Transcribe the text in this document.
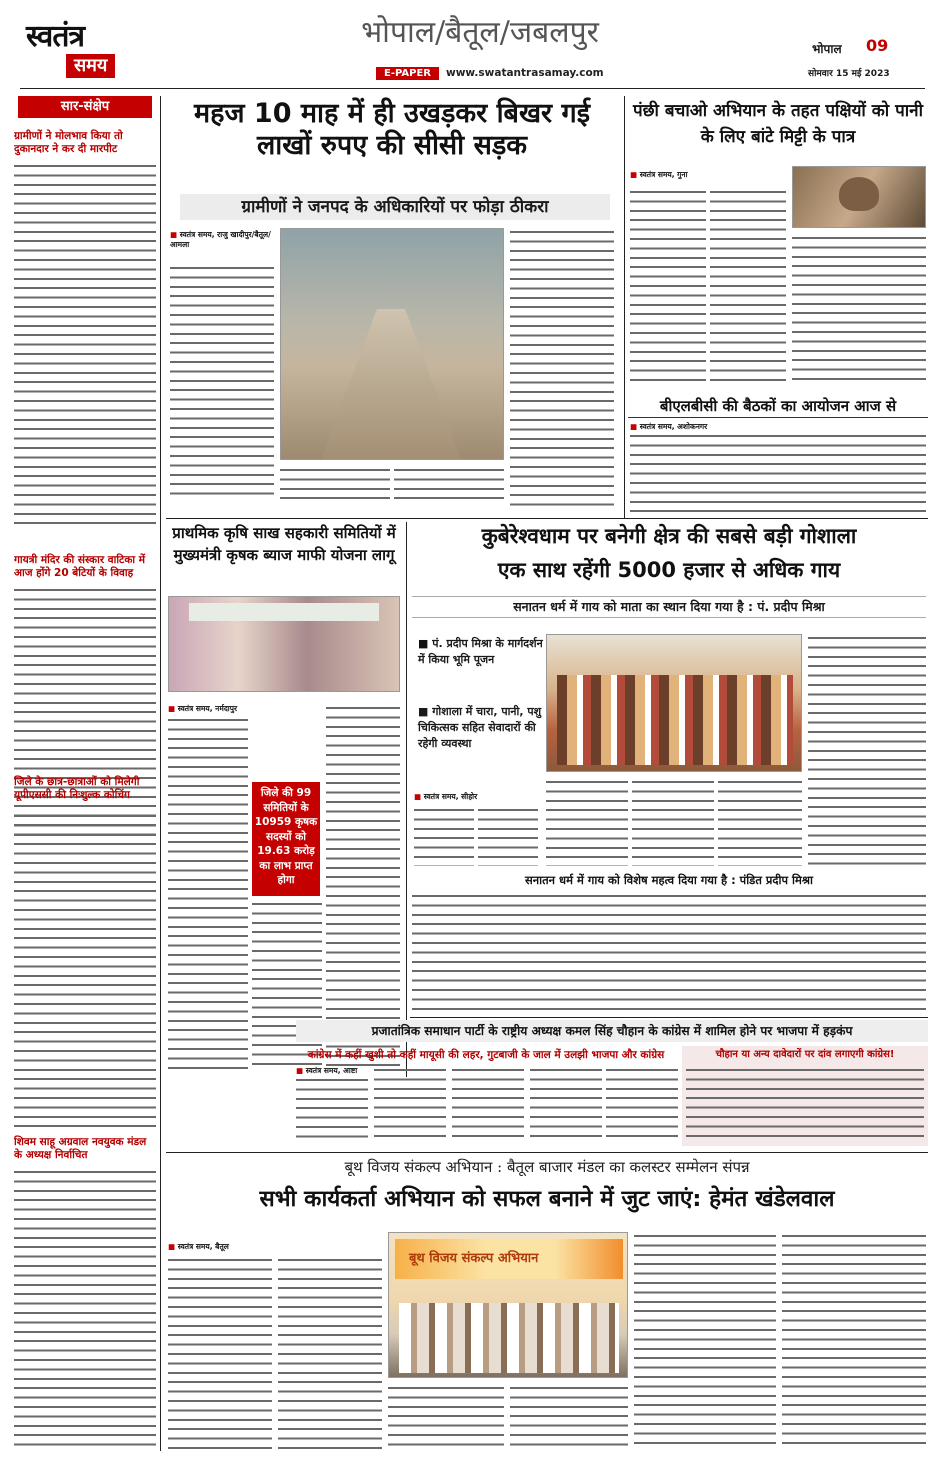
स्वतंत्र
समय
भोपाल/बैतूल/जबलपुर
E-PAPER	www.swatantrasamay.com
भोपाल 09
सोमवार 15 मई 2023
सार-संक्षेप
ग्रामीणों ने मोलभाव किया तो दुकानदार ने कर दी मारपीट
गायत्री मंदिर की संस्कार वाटिका में आज होंगे 20 बेटियों के विवाह
जिले के छात्र-छात्राओं को मिलेगी यूपीएससी की निःशुल्क कोचिंग
शिवम साहू अग्रवाल नवयुवक मंडल के अध्यक्ष निर्वाचित
महज 10 माह में ही उखड़कर बिखर गई लाखों रुपए की सीसी सड़क
ग्रामीणों ने जनपद के अधिकारियों पर फोड़ा ठीकरा
■ स्वतंत्र समय, राजु खादीपुर/बैतूल/आमला
पंछी बचाओ अभियान के तहत पक्षियों को पानी के लिए बांटे मिट्टी के पात्र
■ स्वतंत्र समय, गुना
बीएलबीसी की बैठकों का आयोजन आज से
■ स्वतंत्र समय, अशोकनगर
प्राथमिक कृषि साख सहकारी समितियों में मुख्यमंत्री कृषक ब्याज माफी योजना लागू
■ स्वतंत्र समय, नर्मदापुर
जिले की 99 समितियों के 10959 कृषक सदस्यों को 19.63 करोड़ का लाभ प्राप्त होगा
कुबेरेश्वधाम पर बनेगी क्षेत्र की सबसे बड़ी गोशाला
एक साथ रहेंगी 5000 हजार से अधिक गाय
सनातन धर्म में गाय को माता का स्थान दिया गया है : पं. प्रदीप मिश्रा
■ पं. प्रदीप मिश्रा के मार्गदर्शन में किया भूमि पूजन
■ गोशाला में चारा, पानी, पशु चिकित्सक सहित सेवादारों की रहेगी व्यवस्था
■ स्वतंत्र समय, सीहोर
सनातन धर्म में गाय को विशेष महत्व दिया गया है : पंडित प्रदीप मिश्रा
प्रजातांत्रिक समाधान पार्टी के राष्ट्रीय अध्यक्ष कमल सिंह चौहान के कांग्रेस में शामिल होने पर भाजपा में हड़कंप
कांग्रेस में कहीं खुशी तो कहीं मायूसी की लहर, गुटबाजी के जाल में उलझी भाजपा और कांग्रेस
■ स्वतंत्र समय, आष्टा
चौहान या अन्य दावेदारों पर दांव लगाएगी कांग्रेस!
बूथ विजय संकल्प अभियान : बैतूल बाजार मंडल का कलस्टर सम्मेलन संपन्न
सभी कार्यकर्ता अभियान को सफल बनाने में जुट जाएं: हेमंत खंडेलवाल
■ स्वतंत्र समय, बैतूल
बूथ विजय संकल्प अभियान
